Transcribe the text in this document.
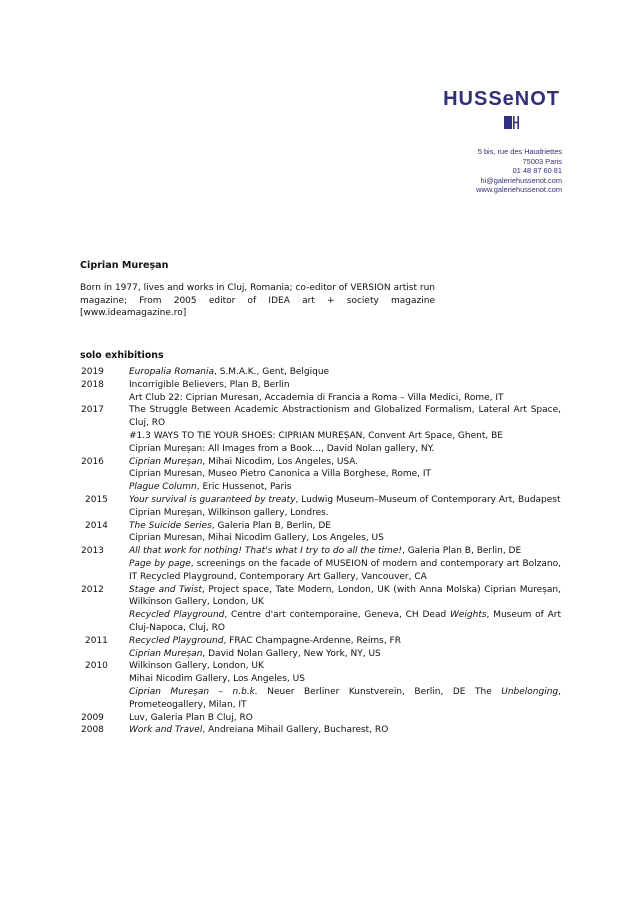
HUSSeNOT
5 bis, rue des Haudriettes
75003 Paris
01 48 87 60 81
hi@galeriehussenot.com
www.galeriehussenot.com
Ciprian Mureșan
Born in 1977, lives and works in Cluj, Romania; co-editor of VERSION artist run magazine; From 2005 editor of IDEA art + society magazine [www.ideamagazine.ro]
solo exhibitions
2019	Europalia Romania, S.M.A.K., Gent, Belgique
2018	Incorrigible Believers, Plan B, Berlin
Art Club 22: Ciprian Muresan, Accademia di Francia a Roma – Villa Medici, Rome, IT
2017	The Struggle Between Academic Abstractionism and Globalized Formalism, Lateral Art Space, Cluj, RO
#1.3 WAYS TO TIE YOUR SHOES: CIPRIAN MUREȘAN, Convent Art Space, Ghent, BE
Ciprian Mureșan: All Images from a Book..., David Nolan gallery, NY.
2016	Ciprian Mureșan, Mihai Nicodim, Los Angeles, USA.
Ciprian Muresan, Museo Pietro Canonica a Villa Borghese, Rome, IT
Plague Column, Eric Hussenot, Paris
2015	Your survival is guaranteed by treaty, Ludwig Museum–Museum of Contemporary Art, Budapest
Ciprian Mureșan, Wilkinson gallery, Londres.
2014	The Suicide Series, Galeria Plan B, Berlin, DE
Ciprian Muresan, Mihai Nicodim Gallery, Los Angeles, US
2013	All that work for nothing! That's what I try to do all the time!, Galeria Plan B, Berlin, DE
Page by page, screenings on the facade of MUSEION of modern and contemporary art Bolzano, IT Recycled Playground, Contemporary Art Gallery, Vancouver, CA
2012	Stage and Twist, Project space, Tate Modern, London, UK (with Anna Molska) Ciprian Mureșan, Wilkinson Gallery, London, UK
Recycled Playground, Centre d'art contemporaine, Geneva, CH Dead Weights, Museum of Art Cluj-Napoca, Cluj, RO
2011	Recycled Playground, FRAC Champagne-Ardenne, Reims, FR
Ciprian Mureșan, David Nolan Gallery, New York, NY, US
2010	Wilkinson Gallery, London, UK
Mihai Nicodim Gallery, Los Angeles, US
Ciprian Mureșan – n.b.k. Neuer Berliner Kunstverein, Berlin, DE The Unbelonging, Prometeogallery, Milan, IT
2009	Luv, Galeria Plan B Cluj, RO
2008	Work and Travel, Andreiana Mihail Gallery, Bucharest, RO
